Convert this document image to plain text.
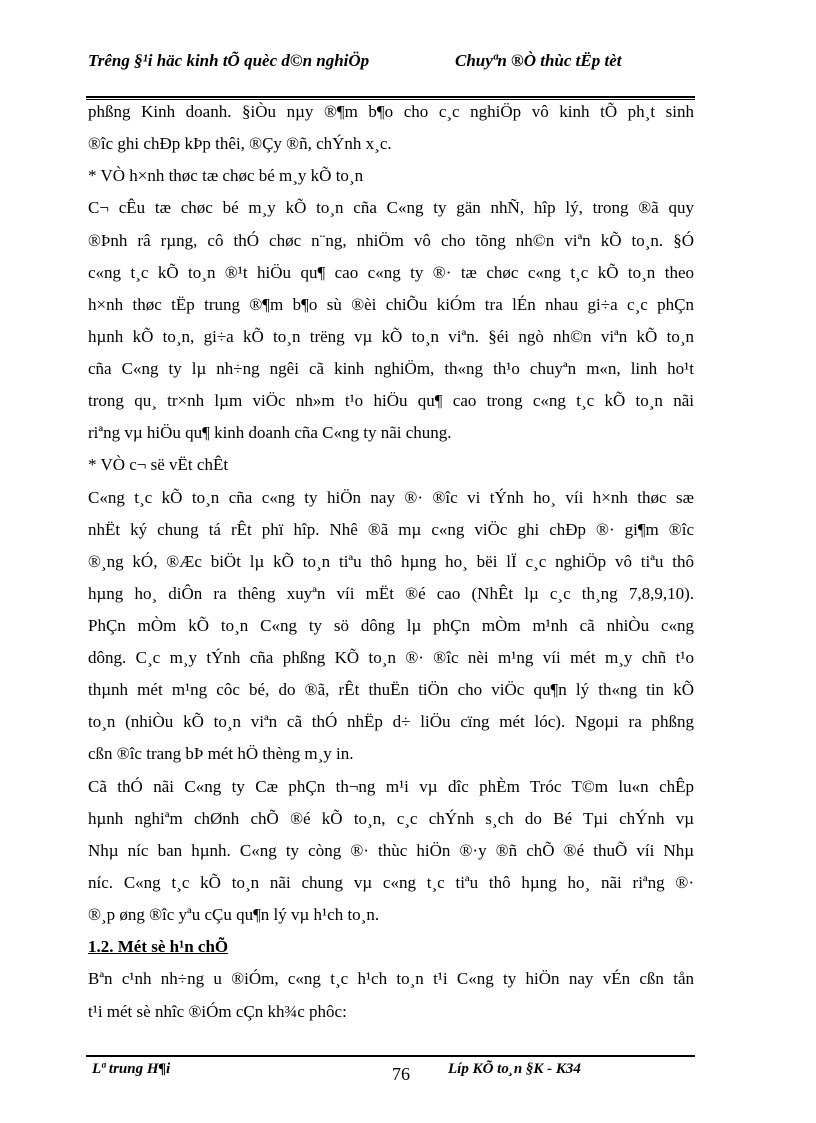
Trêng §¹i häc kinh tÕ quèc d©n nghiÖp	Chuyªn ®Ò thùc tËp tèt
phßng Kinh doanh. §iÒu nµy ®¶m b¶o cho c¸c nghiÖp vô kinh tÕ ph¸t sinh
®îc ghi chÐp kÞp thêi, ®Çy ®ñ, chÝnh x¸c.
* VÒ h×nh thøc tæ chøc bé m¸y kÕ to¸n
C¬ cÊu tæ chøc bé m¸y kÕ to¸n cña C«ng ty gän nhÑ, hîp lý, trong ®ã quy
®Þnh râ rµng, cô thÓ chøc n¨ng, nhiÖm vô cho tõng nh©n viªn kÕ to¸n. §Ó
c«ng t¸c kÕ to¸n ®¹t hiÖu qu¶ cao c«ng ty ®· tæ chøc c«ng t¸c kÕ to¸n theo
h×nh thøc tËp trung ®¶m b¶o sù ®èi chiÕu kiÓm tra lÉn nhau gi÷a c¸c phÇn
hµnh kÕ to¸n, gi÷a kÕ to¸n trëng vµ kÕ to¸n viªn. §éi ngò nh©n viªn kÕ to¸n
cña C«ng ty lµ nh÷ng ngêi cã kinh nghiÖm, th«ng th¹o chuyªn m«n, linh ho¹t
trong qu¸ tr×nh lµm viÖc nh»m t¹o hiÖu qu¶ cao trong c«ng t¸c kÕ to¸n nãi
riªng vµ hiÖu qu¶ kinh doanh cña C«ng ty nãi chung.
* VÒ c¬ së vËt chÊt
C«ng t¸c kÕ to¸n cña c«ng ty hiÖn nay ®· ®îc vi tÝnh ho¸ víi h×nh thøc sæ
nhËt ký chung tá rÊt phï hîp. Nhê ®ã mµ c«ng viÖc ghi chÐp ®· gi¶m ®îc
®¸ng kÓ, ®Æc biÖt lµ kÕ to¸n tiªu thô hµng ho¸ bëi lÏ c¸c nghiÖp vô tiªu thô
hµng ho¸ diÔn ra thêng xuyªn víi mËt ®é cao (NhÊt lµ c¸c th¸ng 7,8,9,10).
PhÇn mÒm kÕ to¸n C«ng ty sö dông lµ phÇn mÒm m¹nh cã nhiÒu c«ng
dông. C¸c m¸y tÝnh cña phßng KÕ to¸n ®· ®îc nèi m¹ng víi mét m¸y chñ t¹o
thµnh mét m¹ng côc bé, do ®ã, rÊt thuËn tiÖn cho viÖc qu¶n lý th«ng tin kÕ
to¸n (nhiÒu kÕ to¸n viªn cã thÓ nhËp d÷ liÖu cïng mét lóc). Ngoµi ra phßng
cßn ®îc trang bÞ mét hÖ thèng m¸y in.
Cã thÓ nãi C«ng ty Cæ phÇn th¬ng m¹i vµ dîc phÈm Tróc T©m lu«n chÊp
hµnh nghiªm chØnh chÕ ®é kÕ to¸n, c¸c chÝnh s¸ch do Bé Tµi chÝnh vµ
Nhµ níc ban hµnh. C«ng ty còng ®· thùc hiÖn ®·y ®ñ chÕ ®é thuÕ víi Nhµ
níc. C«ng t¸c kÕ to¸n nãi chung vµ c«ng t¸c tiªu thô hµng ho¸ nãi riªng ®·
®¸p øng ®îc yªu cÇu qu¶n lý vµ h¹ch to¸n.
1.2. Mét sè h¹n chÕ
Bªn c¹nh nh÷ng u ®iÓm, c«ng t¸c h¹ch to¸n t¹i C«ng ty hiÖn nay vÉn cßn tån
t¹i mét sè nhîc ®iÓm cÇn kh¾c phôc:
Lª trung H¶i	76	Líp KÕ to¸n §K - K34
